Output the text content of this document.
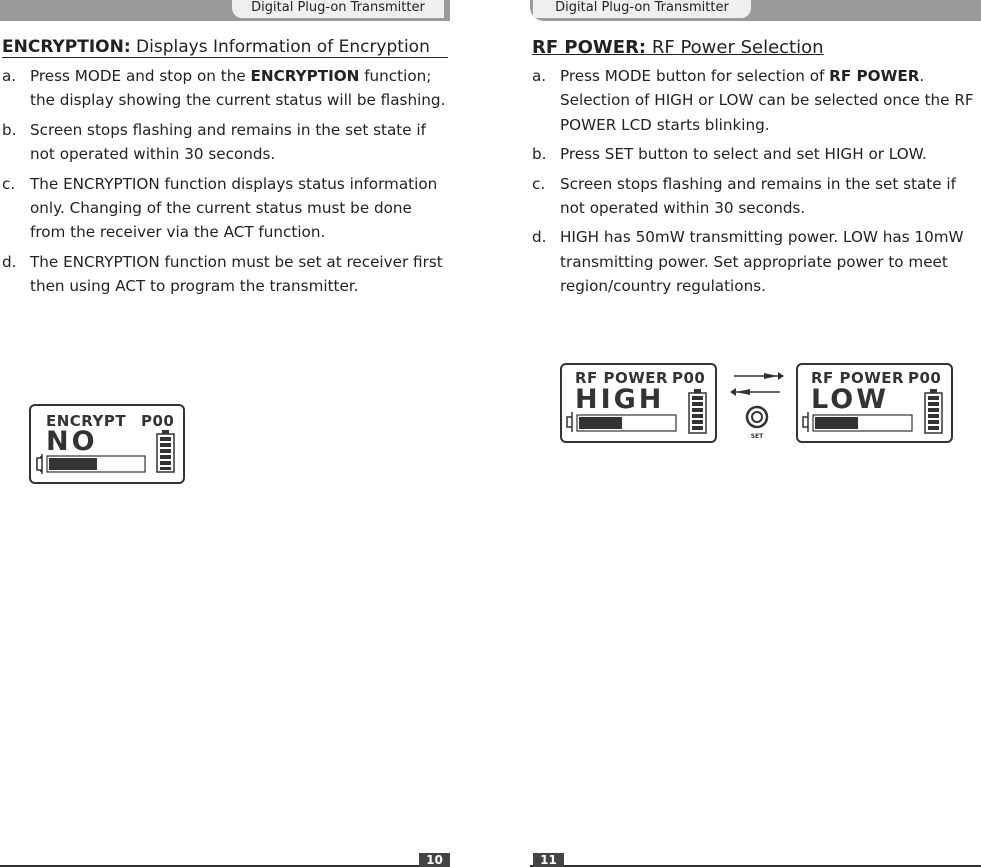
Digital Plug-on Transmitter
ENCRYPTION: Displays Information of Encryption
a. Press MODE and stop on the ENCRYPTION function; the display showing the current status will be flashing.
b. Screen stops flashing and remains in the set state if not operated within 30 seconds.
c. The ENCRYPTION function displays status information only. Changing of the current status must be done from the receiver via the ACT function.
d. The ENCRYPTION function must be set at receiver first then using ACT to program the transmitter.
ENCRYPT P00
NO
10
Digital Plug-on Transmitter
RF POWER: RF Power Selection
a. Press MODE button for selection of RF POWER. Selection of HIGH or LOW can be selected once the RF POWER LCD starts blinking.
b. Press SET button to select and set HIGH or LOW.
c. Screen stops flashing and remains in the set state if not operated within 30 seconds.
d. HIGH has 50mW transmitting power. LOW has 10mW transmitting power. Set appropriate power to meet region/country regulations.
RF POWER P00
HIGH
SET
RF POWER P00
LOW
11
